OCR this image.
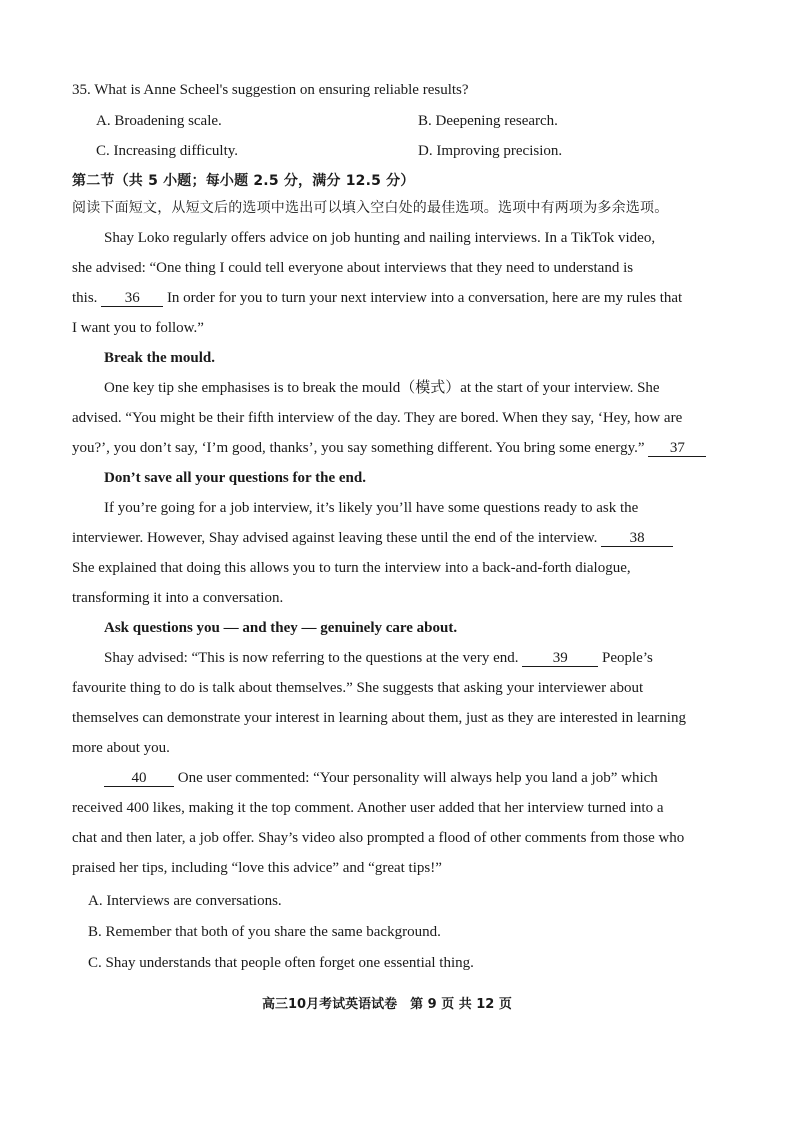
35. What is Anne Scheel's suggestion on ensuring reliable results?
A. Broadening scale.	B. Deepening research.
C. Increasing difficulty.	D. Improving precision.
第二节（共 5 小题；每小题 2.5 分，满分 12.5 分）
阅读下面短文，从短文后的选项中选出可以填入空白处的最佳选项。选项中有两项为多余选项。
Shay Loko regularly offers advice on job hunting and nailing interviews. In a TikTok video,
she advised: “One thing I could tell everyone about interviews that they need to understand is
this. 36 In order for you to turn your next interview into a conversation, here are my rules that
I want you to follow.”
Break the mould.
One key tip she emphasises is to break the mould（模式）at the start of your interview. She
advised. “You might be their fifth interview of the day. They are bored. When they say, ‘Hey, how are
you?’, you don’t say, ‘I’m good, thanks’, you say something different. You bring some energy.” 37
Don’t save all your questions for the end.
If you’re going for a job interview, it’s likely you’ll have some questions ready to ask the
interviewer. However, Shay advised against leaving these until the end of the interview. 38
She explained that doing this allows you to turn the interview into a back-and-forth dialogue,
transforming it into a conversation.
Ask questions you — and they — genuinely care about.
Shay advised: “This is now referring to the questions at the very end. 39 People’s
favourite thing to do is talk about themselves.” She suggests that asking your interviewer about
themselves can demonstrate your interest in learning about them, just as they are interested in learning
more about you.
40 One user commented: “Your personality will always help you land a job” which
received 400 likes, making it the top comment. Another user added that her interview turned into a
chat and then later, a job offer. Shay’s video also prompted a flood of other comments from those who
praised her tips, including “love this advice” and “great tips!”
A. Interviews are conversations.
B. Remember that both of you share the same background.
C. Shay understands that people often forget one essential thing.
高三10月考试英语试卷　第 9 页 共 12 页
